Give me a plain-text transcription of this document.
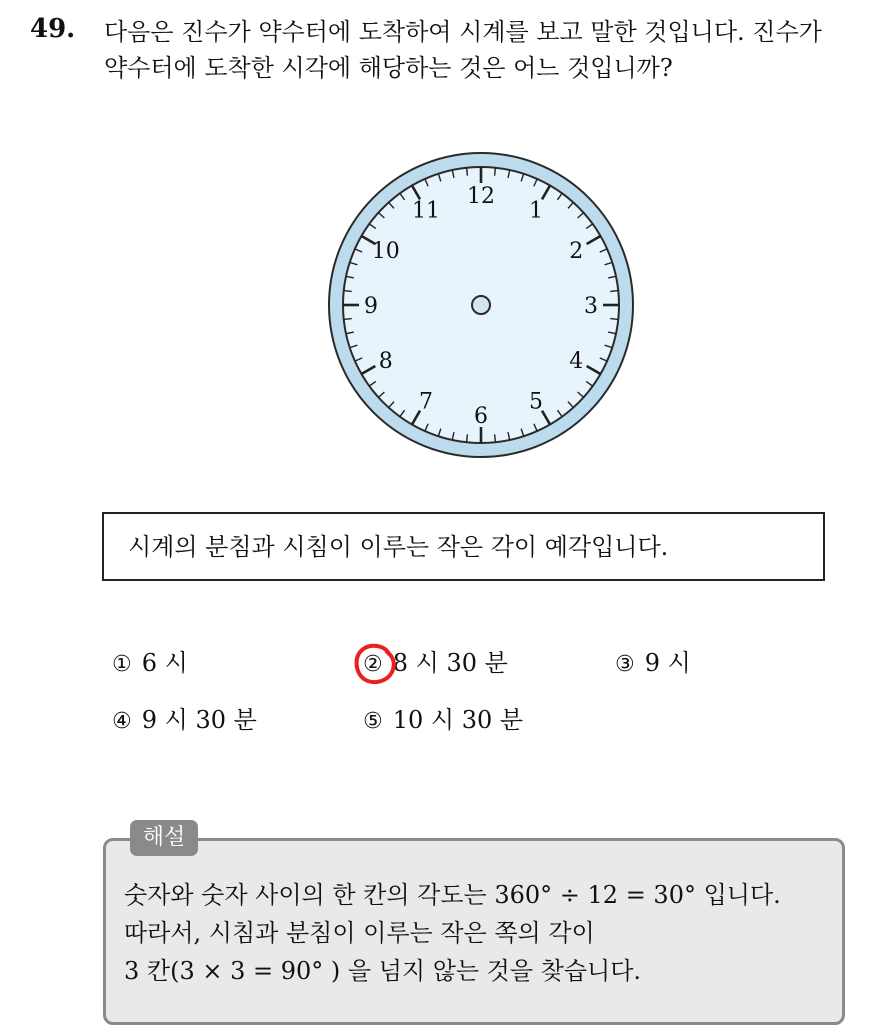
49. 다음은 진수가 약수터에 도착하여 시계를 보고 말한 것입니다. 진수가
약수터에 도착한 시각에 해당하는 것은 어느 것입니까?
12
1
2
3
4
5
6
7
8
9
10
11
시계의 분침과 시침이 이루는 작은 각이 예각입니다.
① 6 시	② 8 시 30 분	③ 9 시
④ 9 시 30 분	⑤ 10 시 30 분
해설
숫자와 숫자 사이의 한 칸의 각도는 360° ÷ 12 = 30° 입니다.
따라서, 시침과 분침이 이루는 작은 쪽의 각이
3 칸(3 × 3 = 90° ) 을 넘지 않는 것을 찾습니다.
